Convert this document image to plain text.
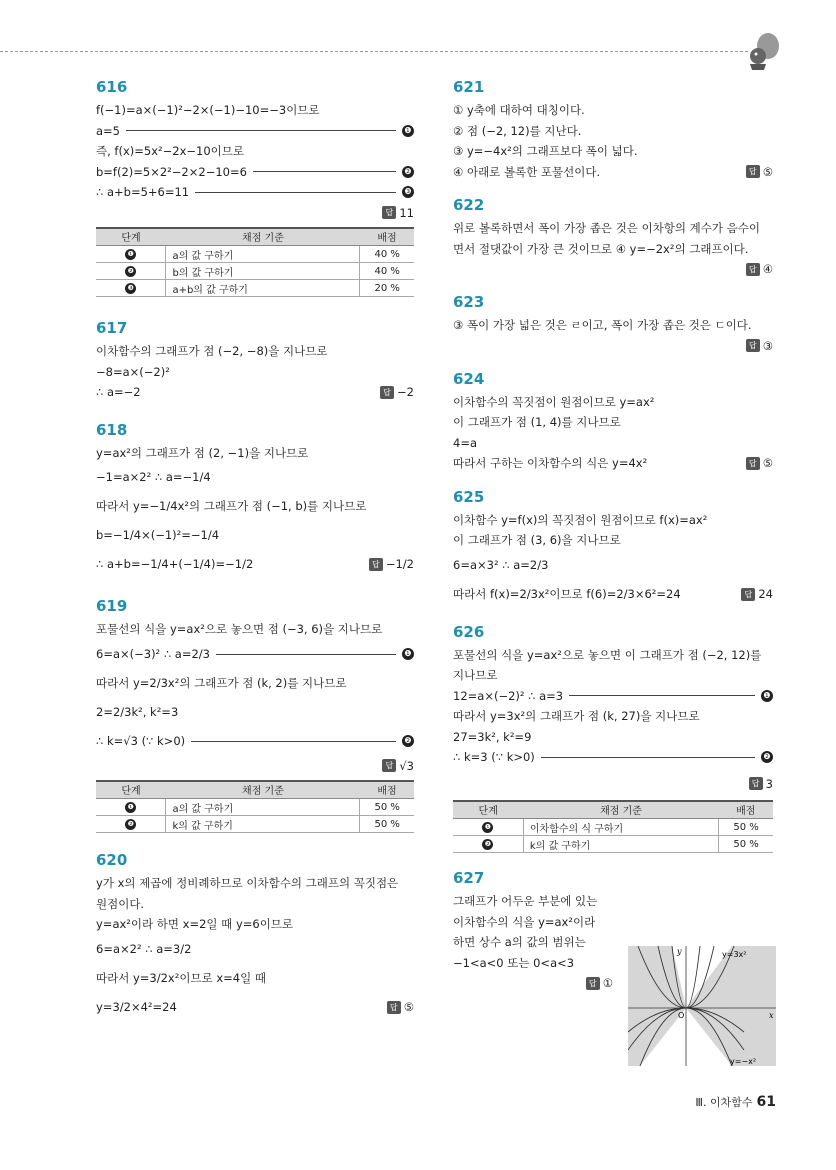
616
f(−1)=a×(−1)²−2×(−1)−10=−3이므로
a=5	❶
즉, f(x)=5x²−2x−10이므로
b=f(2)=5×2²−2×2−10=6	❷
∴ a+b=5+6=11	❸
답 11
단계	채점 기준	배점
❶	a의 값 구하기	40 %
❷	b의 값 구하기	40 %
❸	a+b의 값 구하기	20 %
617
이차함수의 그래프가 점 (−2, −8)을 지나므로
−8=a×(−2)²
∴ a=−2	답 −2
618
y=ax²의 그래프가 점 (2, −1)을 지나므로
−1=a×2² ∴ a=−1/4
따라서 y=−1/4x²의 그래프가 점 (−1, b)를 지나므로
b=−1/4×(−1)²=−1/4
∴ a+b=−1/4+(−1/4)=−1/2	답 −1/2
619
포물선의 식을 y=ax²으로 놓으면 점 (−3, 6)을 지나므로
6=a×(−3)² ∴ a=2/3	❶
따라서 y=2/3x²의 그래프가 점 (k, 2)를 지나므로
2=2/3k², k²=3
∴ k=√3 (∵ k>0)	❷
답 √3
단계	채점 기준	배점
❶	a의 값 구하기	50 %
❷	k의 값 구하기	50 %
620
y가 x의 제곱에 정비례하므로 이차함수의 그래프의 꼭짓점은
원점이다.
y=ax²이라 하면 x=2일 때 y=6이므로
6=a×2² ∴ a=3/2
따라서 y=3/2x²이므로 x=4일 때
y=3/2×4²=24	답 ⑤
621
① y축에 대하여 대칭이다.
② 점 (−2, 12)를 지난다.
③ y=−4x²의 그래프보다 폭이 넓다.
④ 아래로 볼록한 포물선이다.	답 ⑤
622
위로 볼록하면서 폭이 가장 좁은 것은 이차항의 계수가 음수이
면서 절댓값이 가장 큰 것이므로 ④ y=−2x²의 그래프이다.
답 ④
623
③ 폭이 가장 넓은 것은 ㄹ이고, 폭이 가장 좁은 것은 ㄷ이다.
답 ③
624
이차함수의 꼭짓점이 원점이므로 y=ax²
이 그래프가 점 (1, 4)를 지나므로
4=a
따라서 구하는 이차함수의 식은 y=4x²	답 ⑤
625
이차함수 y=f(x)의 꼭짓점이 원점이므로 f(x)=ax²
이 그래프가 점 (3, 6)을 지나므로
6=a×3² ∴ a=2/3
따라서 f(x)=2/3x²이므로 f(6)=2/3×6²=24	답 24
626
포물선의 식을 y=ax²으로 놓으면 이 그래프가 점 (−2, 12)를
지나므로
12=a×(−2)² ∴ a=3	❶
따라서 y=3x²의 그래프가 점 (k, 27)을 지나므로
27=3k², k²=9
∴ k=3 (∵ k>0)	❷
답 3
단계	채점 기준	배점
❶	이차함수의 식 구하기	50 %
❷	k의 값 구하기	50 %
627
그래프가 어두운 부분에 있는
이차함수의 식을 y=ax²이라
하면 상수 a의 값의 범위는
−1<a<0 또는 0<a<3
답 ①
y=3x²
y=−x²
x
y
O
Ⅲ. 이차함수 61
